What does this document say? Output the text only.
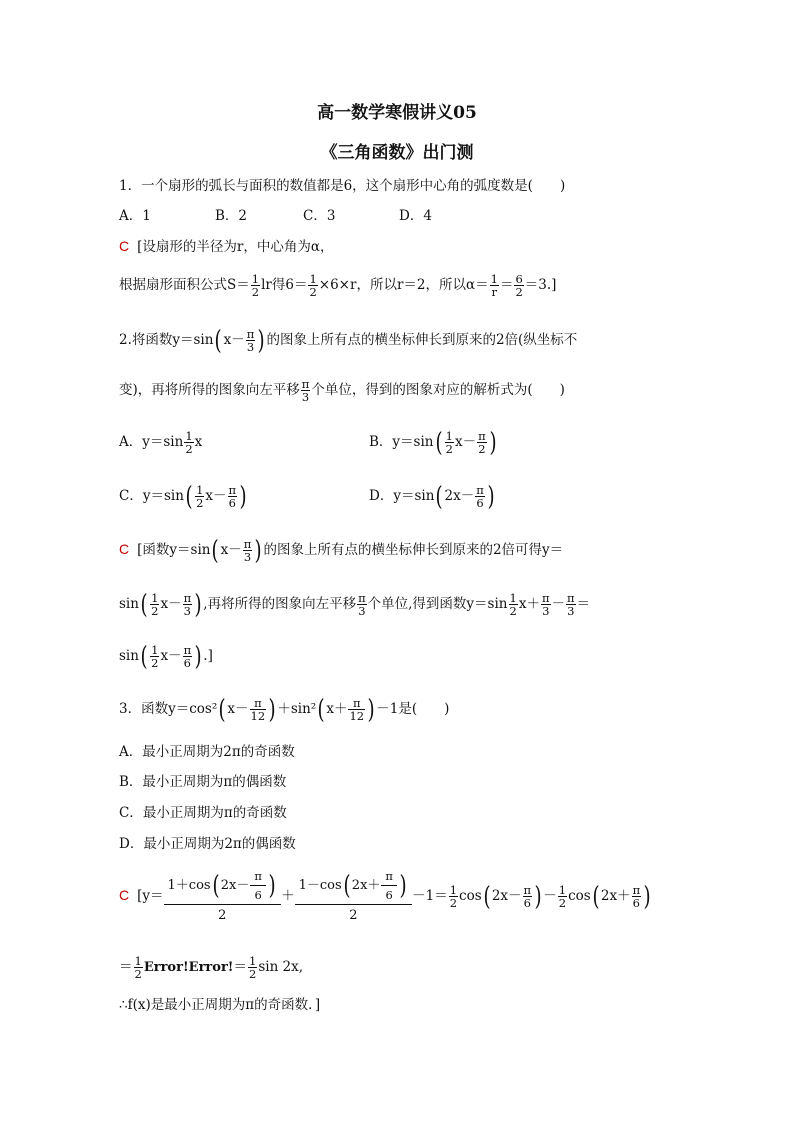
高一数学寒假讲义05
《三角函数》出门测
1．一个扇形的弧长与面积的数值都是6，这个扇形中心角的弧度数是(　　)
A．1	B．2	C．3	D．4
C [设扇形的半径为r，中心角为α，
根据扇形面积公式$S= \frac{1}{2}$ lr得$6= \frac{1}{2} \times 6\times r$，所以r＝2，所以$\alpha= \frac{1}{r} = \frac{6}{2} =3$.]
2.将函数y＝sin( $x- \frac{\pi}{3}$ ) 的图象上所有点的横坐标伸长到原来的2倍(纵坐标不
变)，再将所得的图象向左平移 $\frac{\pi}{3}$ 个单位，得到的图象对应的解析式为(　　)
A．$y=\sin \frac{1}{2}$ x	B．$y=\sin( \frac{1}{2} x- \frac{\pi}{2}$ )
C．$y=\sin( \frac{1}{2} x- \frac{\pi}{6}$ )	D．y＝sin( $2x- \frac{\pi}{6}$ )
C [函数y＝sin( $x- \frac{\pi}{3}$ ) 的图象上所有点的横坐标伸长到原来的2倍可得y＝
$\sin( \frac{1}{2} x- \frac{\pi}{3}$ ) ,再将所得的图象向左平移 $\frac{\pi}{3}$ 个单位,得到函数$y=\sin \frac{1}{2} x+ \frac{\pi}{3} - \frac{\pi}{3}$ ＝
$\sin( \frac{1}{2} x- \frac{\pi}{6}$ ) .]
3．函数y＝cos²( $x- \frac{\pi}{12}$ ) ＋sin²( $x+ \frac{\pi}{12}$ ) －1是(　　)
A．最小正周期为2π的奇函数
B．最小正周期为π的偶函数
C．最小正周期为π的奇函数
D．最小正周期为2π的偶函数
C [$y= \frac{1+\cos( 2x- \frac{\pi}{6} )}{2} + \frac{1-\cos( 2x+ \frac{\pi}{6} )}{2} -1= \frac{1}{2} \cos$( $2x- \frac{\pi}{6}$ ) － $\frac{1}{2} \cos$( $2x+ \frac{\pi}{6}$ )
＝ $\frac{1}{2}$ Error!Error!＝ $\frac{1}{2}$ sin 2x,
∴f(x)是最小正周期为π的奇函数．]
